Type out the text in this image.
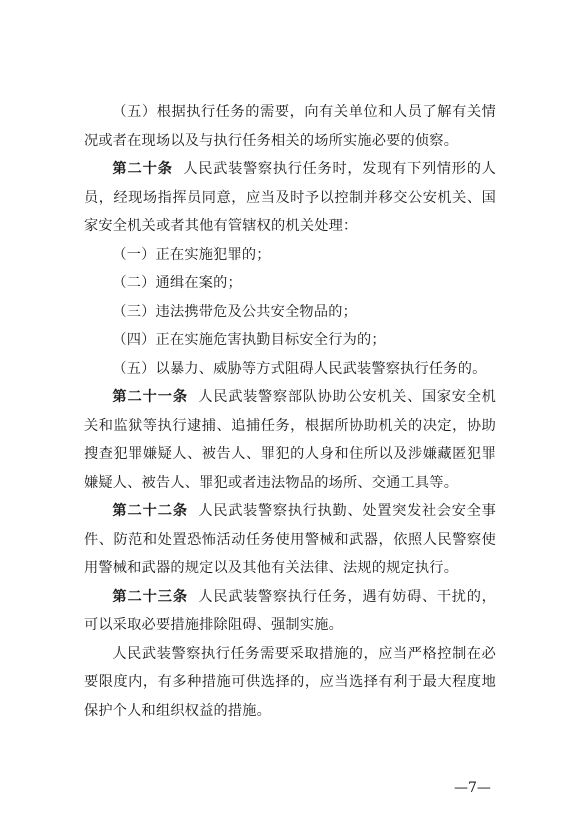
（五）根据执行任务的需要，向有关单位和人员了解有关情况或者在现场以及与执行任务相关的场所实施必要的侦察。

第二十条 人民武装警察执行任务时，发现有下列情形的人员，经现场指挥员同意，应当及时予以控制并移交公安机关、国家安全机关或者其他有管辖权的机关处理：

（一）正在实施犯罪的；

（二）通缉在案的；

（三）违法携带危及公共安全物品的；

（四）正在实施危害执勤目标安全行为的；

（五）以暴力、威胁等方式阻碍人民武装警察执行任务的。

第二十一条 人民武装警察部队协助公安机关、国家安全机关和监狱等执行逮捕、追捕任务，根据所协助机关的决定，协助搜查犯罪嫌疑人、被告人、罪犯的人身和住所以及涉嫌藏匿犯罪嫌疑人、被告人、罪犯或者违法物品的场所、交通工具等。

第二十二条 人民武装警察执行执勤、处置突发社会安全事件、防范和处置恐怖活动任务使用警械和武器，依照人民警察使用警械和武器的规定以及其他有关法律、法规的规定执行。

第二十三条 人民武装警察执行任务，遇有妨碍、干扰的，可以采取必要措施排除阻碍、强制实施。

人民武装警察执行任务需要采取措施的，应当严格控制在必要限度内，有多种措施可供选择的，应当选择有利于最大程度地保护个人和组织权益的措施。

—7—
